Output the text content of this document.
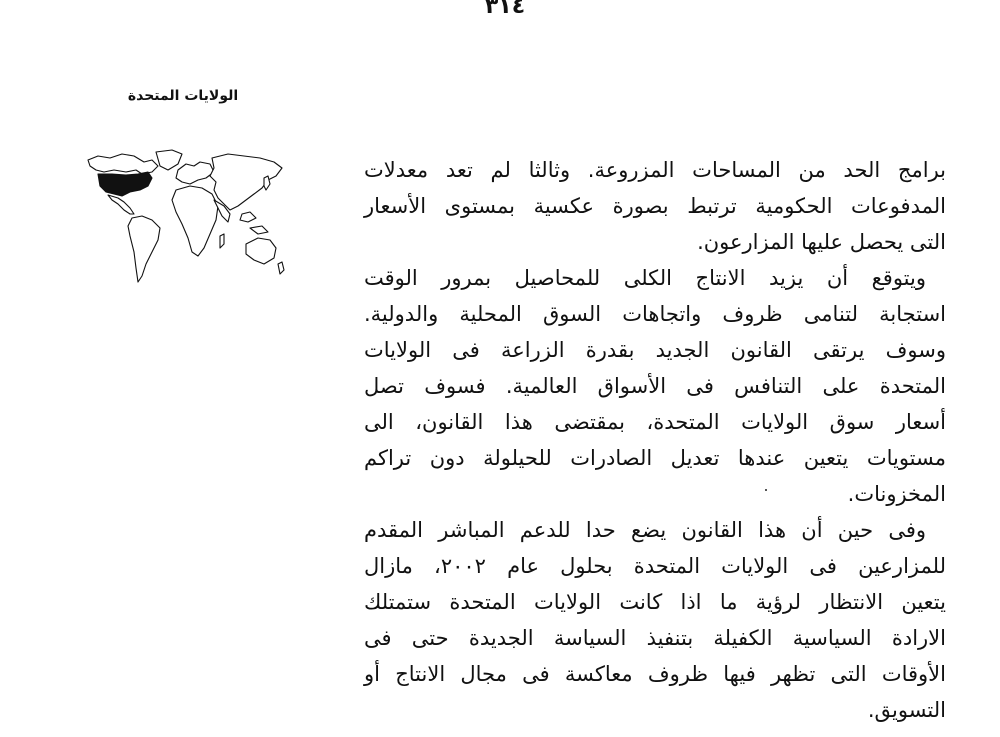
٣١٤
الولايات المتحدة
برامج الحد من المساحات المزروعة. وثالثا لم تعد معدلات
المدفوعات الحكومية ترتبط بصورة عكسية بمستوى الأسعار
التى يحصل عليها المزارعون.
ويتوقع أن يزيد الانتاج الكلى للمحاصيل بمرور الوقت
استجابة لتنامى ظروف واتجاهات السوق المحلية والدولية.
وسوف يرتقى القانون الجديد بقدرة الزراعة فى الولايات
المتحدة على التنافس فى الأسواق العالمية. فسوف تصل
أسعار سوق الولايات المتحدة، بمقتضى هذا القانون، الى
مستويات يتعين عندها تعديل الصادرات للحيلولة دون تراكم
المخزونات.
وفى حين أن هذا القانون يضع حدا للدعم المباشر المقدم
للمزارعين فى الولايات المتحدة بحلول عام ٢٠٠٢، مازال
يتعين الانتظار لرؤية ما اذا كانت الولايات المتحدة ستمتلك
الارادة السياسية الكفيلة بتنفيذ السياسة الجديدة حتى فى
الأوقات التى تظهر فيها ظروف معاكسة فى مجال الانتاج أو
التسويق.
